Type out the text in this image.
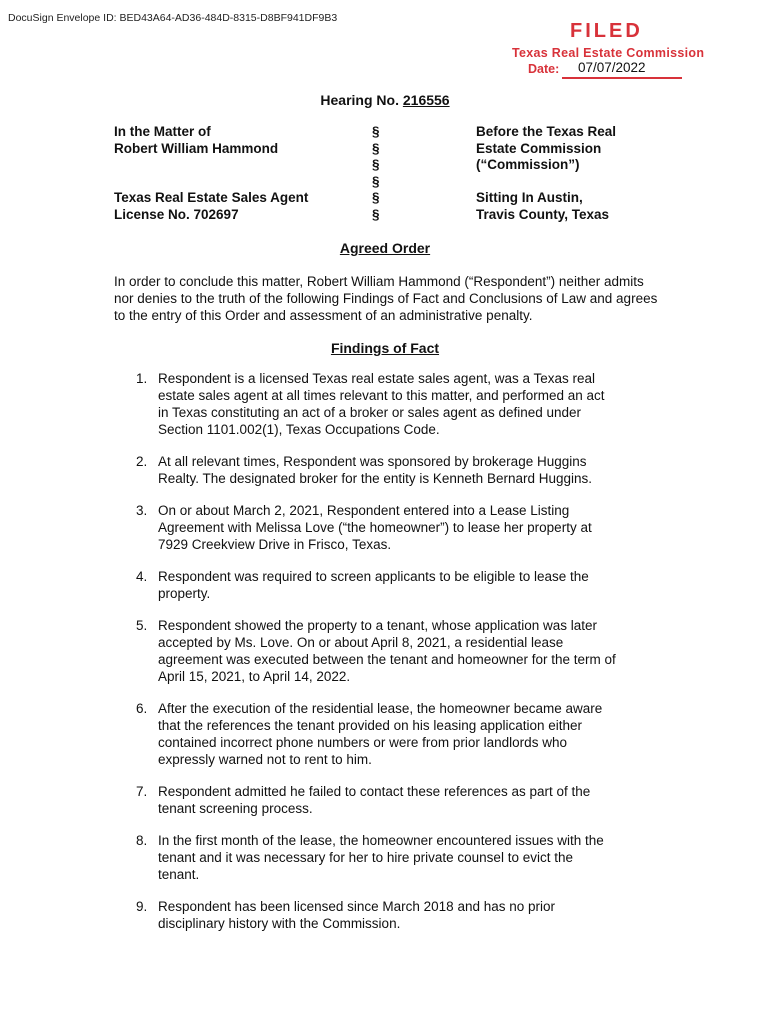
DocuSign Envelope ID: BED43A64-AD36-484D-8315-D8BF941DF9B3
FILED
Texas Real Estate Commission
Date: 07/07/2022
Hearing No. 216556
In the Matter of
Robert William Hammond
Texas Real Estate Sales Agent
License No. 702697
§
§
§
§
§
§
Before the Texas Real
Estate Commission
(“Commission”)
Sitting In Austin,
Travis County, Texas
Agreed Order
In order to conclude this matter, Robert William Hammond (“Respondent”) neither admits nor denies to the truth of the following Findings of Fact and Conclusions of Law and agrees to the entry of this Order and assessment of an administrative penalty.
Findings of Fact
1. Respondent is a licensed Texas real estate sales agent, was a Texas real estate sales agent at all times relevant to this matter, and performed an act in Texas constituting an act of a broker or sales agent as defined under Section 1101.002(1), Texas Occupations Code.
2. At all relevant times, Respondent was sponsored by brokerage Huggins Realty. The designated broker for the entity is Kenneth Bernard Huggins.
3. On or about March 2, 2021, Respondent entered into a Lease Listing Agreement with Melissa Love (“the homeowner”) to lease her property at 7929 Creekview Drive in Frisco, Texas.
4. Respondent was required to screen applicants to be eligible to lease the property.
5. Respondent showed the property to a tenant, whose application was later accepted by Ms. Love. On or about April 8, 2021, a residential lease agreement was executed between the tenant and homeowner for the term of April 15, 2021, to April 14, 2022.
6. After the execution of the residential lease, the homeowner became aware that the references the tenant provided on his leasing application either contained incorrect phone numbers or were from prior landlords who expressly warned not to rent to him.
7. Respondent admitted he failed to contact these references as part of the tenant screening process.
8. In the first month of the lease, the homeowner encountered issues with the tenant and it was necessary for her to hire private counsel to evict the tenant.
9. Respondent has been licensed since March 2018 and has no prior disciplinary history with the Commission.
